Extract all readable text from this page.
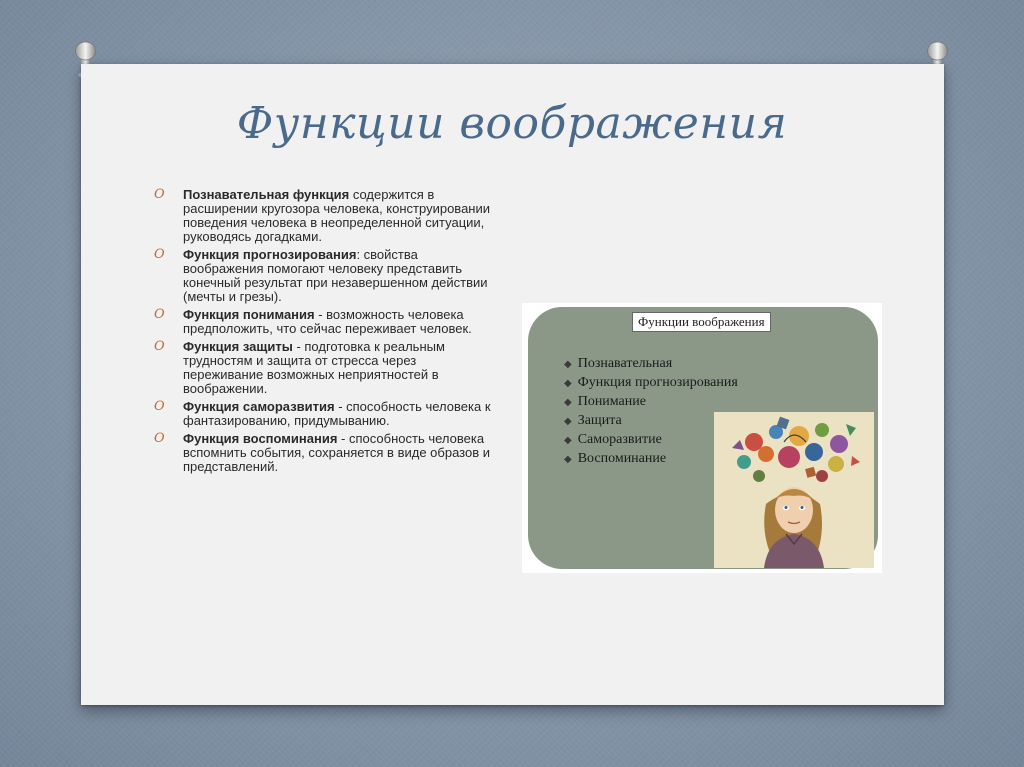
Функции воображения
O Познавательная функция содержится в расширении кругозора человека, конструировании поведения человека в неопределенной ситуации, руководясь догадками.
O Функция прогнозирования: свойства воображения помогают человеку представить конечный результат при незавершенном действии (мечты и грезы).
O Функция понимания - возможность человека предположить, что сейчас переживает человек.
O Функция защиты - подготовка к реальным трудностям и защита от стресса через переживание возможных неприятностей в воображении.
O Функция саморазвития - способность человека к фантазированию, придумыванию.
O Функция воспоминания - способность человека вспомнить события, сохраняется в виде образов и представлений.
Функции воображения
◆ Познавательная
◆ Функция прогнозирования
◆ Понимание
◆ Защита
◆ Саморазвитие
◆ Воспоминание
